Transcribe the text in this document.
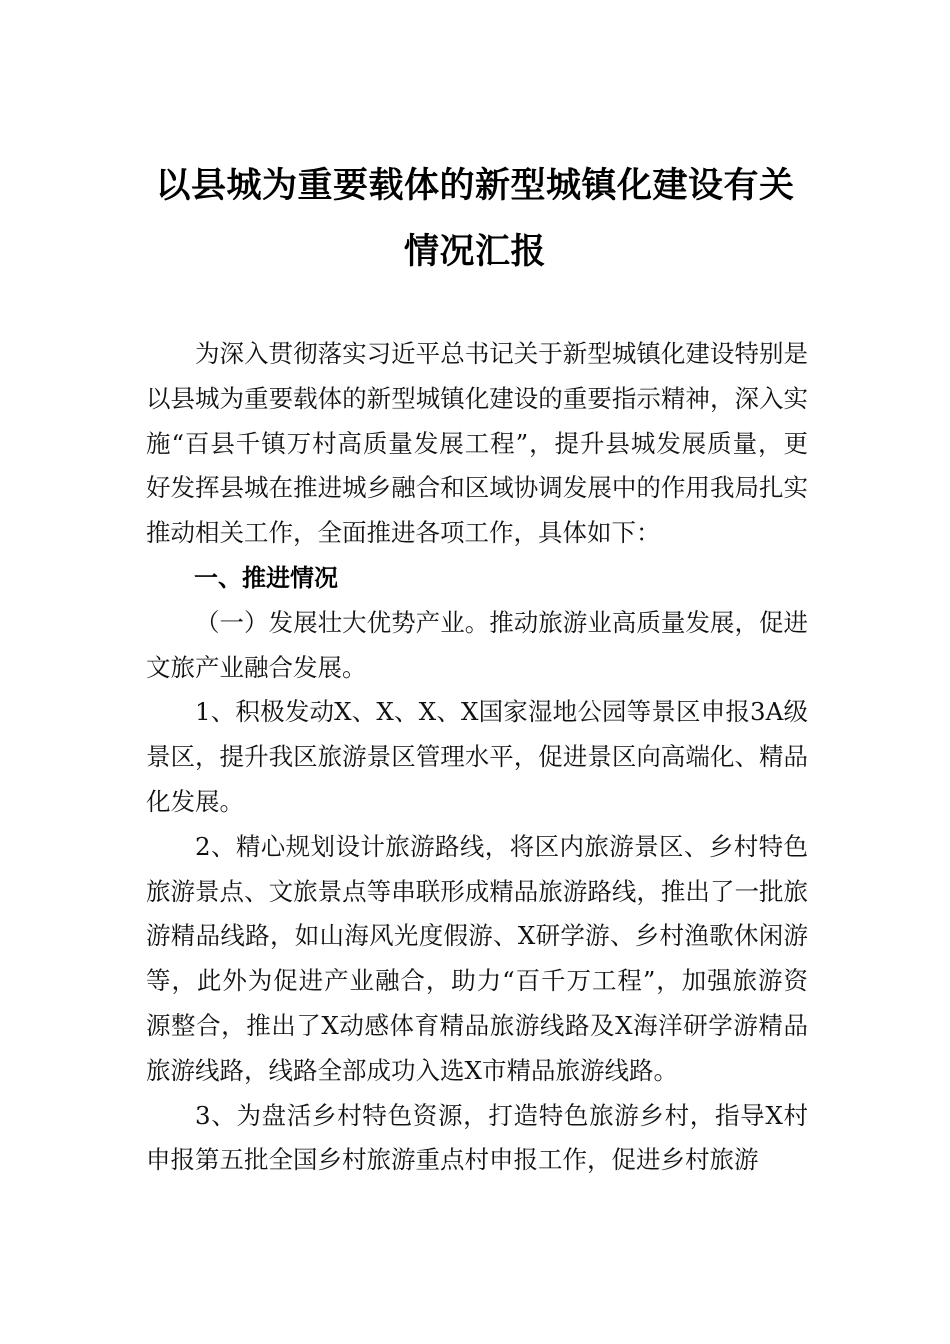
以县城为重要载体的新型城镇化建设有关
情况汇报

为深入贯彻落实习近平总书记关于新型城镇化建设特别是以县城为重要载体的新型城镇化建设的重要指示精神，深入实施“百县千镇万村高质量发展工程”，提升县城发展质量，更好发挥县城在推进城乡融合和区域协调发展中的作用我局扎实推动相关工作，全面推进各项工作，具体如下：

一、推进情况

（一）发展壮大优势产业。推动旅游业高质量发展，促进文旅产业融合发展。

1、积极发动X、X、X、X国家湿地公园等景区申报3A级景区，提升我区旅游景区管理水平，促进景区向高端化、精品化发展。

2、精心规划设计旅游路线，将区内旅游景区、乡村特色旅游景点、文旅景点等串联形成精品旅游路线，推出了一批旅游精品线路，如山海风光度假游、X研学游、乡村渔歌休闲游等，此外为促进产业融合，助力“百千万工程”，加强旅游资源整合，推出了X动感体育精品旅游线路及X海洋研学游精品旅游线路，线路全部成功入选X市精品旅游线路。

3、为盘活乡村特色资源，打造特色旅游乡村，指导X村申报第五批全国乡村旅游重点村申报工作，促进乡村旅游
